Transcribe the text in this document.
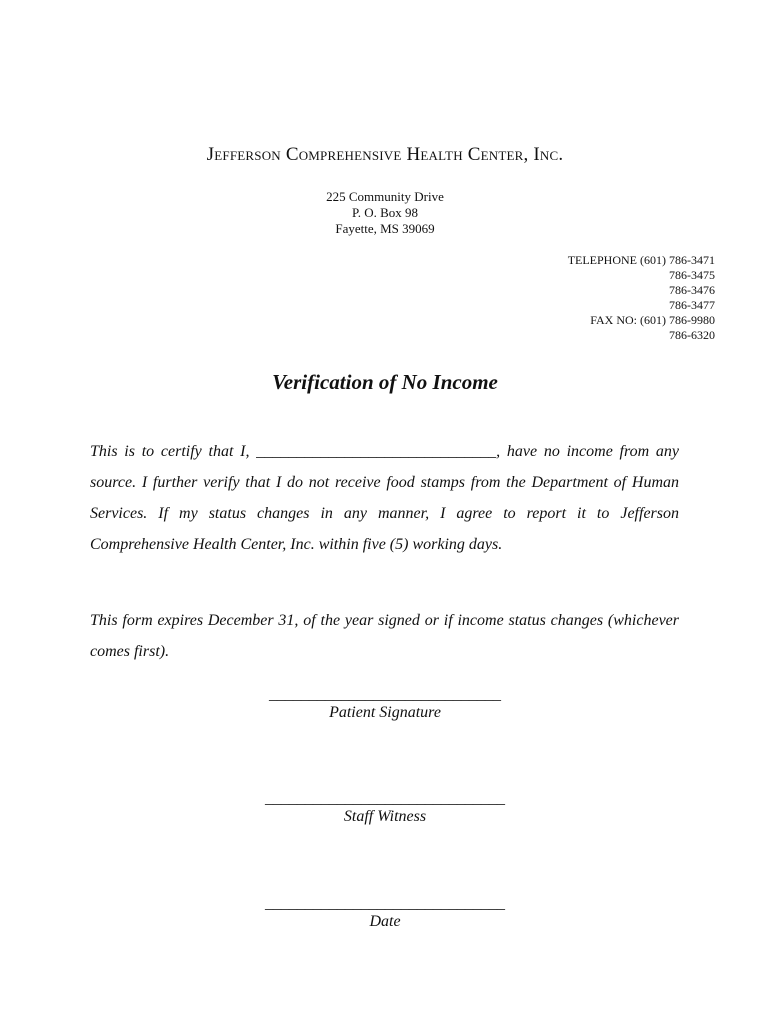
Jefferson Comprehensive Health Center, Inc.
225 Community Drive
P. O. Box 98
Fayette, MS 39069
TELEPHONE (601) 786-3471
786-3475
786-3476
786-3477
FAX NO: (601) 786-9980
786-6320
Verification of No Income

This is to certify that I, ______________________________, have no income from any source. I further verify that I do not receive food stamps from the Department of Human Services. If my status changes in any manner, I agree to report it to Jefferson Comprehensive Health Center, Inc. within five (5) working days.

This form expires December 31, of the year signed or if income status changes (whichever comes first).

_____________________________
Patient Signature
______________________________
Staff Witness
______________________________
Date
